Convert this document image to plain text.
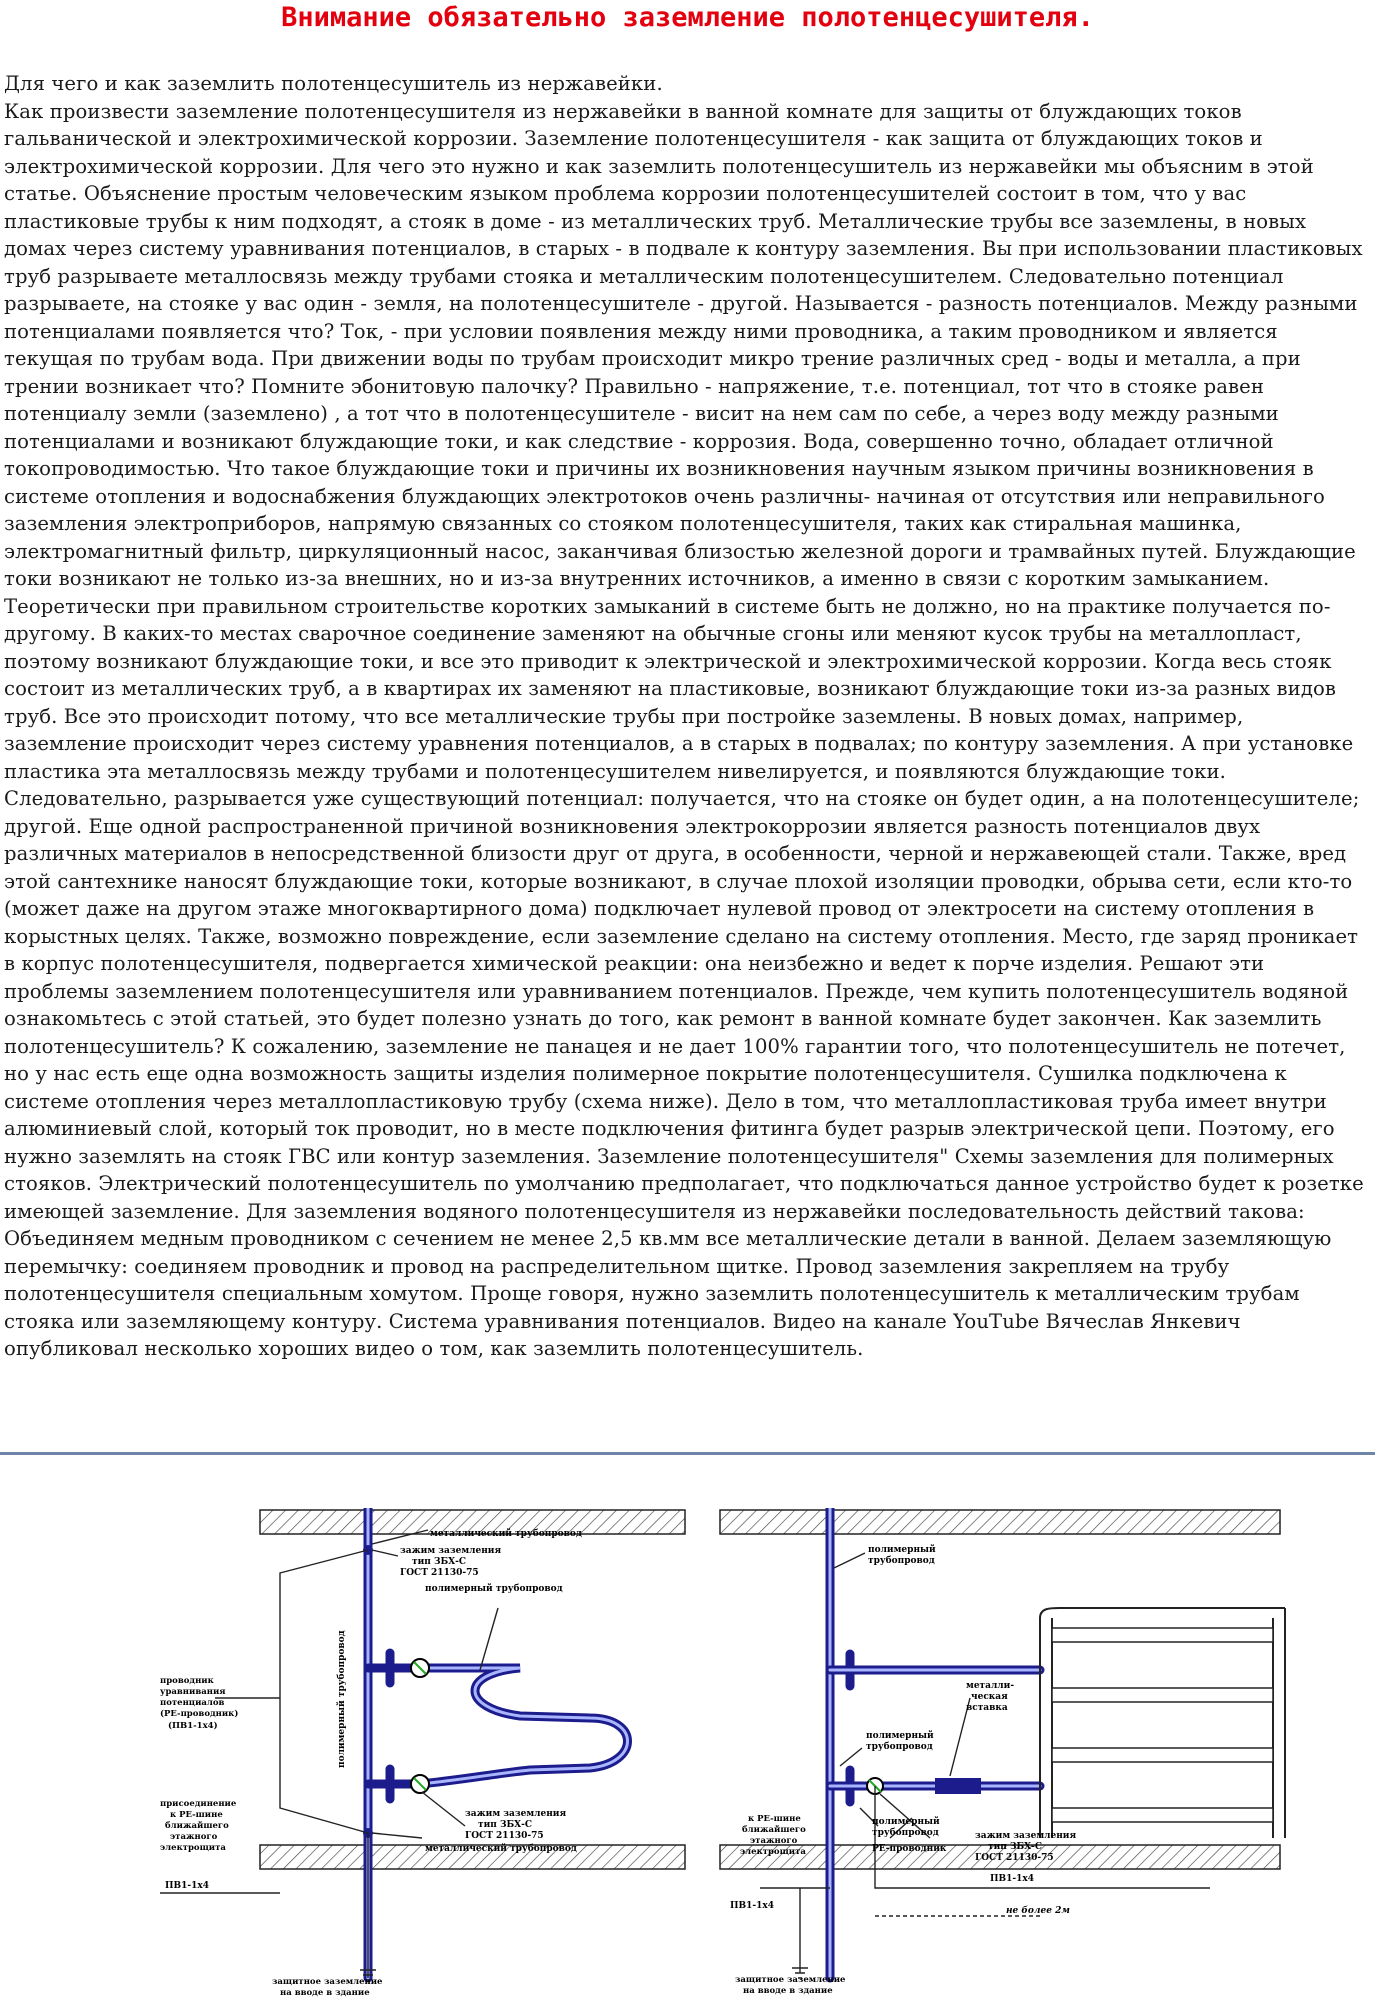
Внимание обязательно заземление полотенцесушителя.

Для чего и как заземлить полотенцесушитель из нержавейки.

Как произвести заземление полотенцесушителя из нержавейки в ванной комнате для защиты от блуждающих токов гальванической и электрохимической коррозии. Заземление полотенцесушителя - как защита от блуждающих токов и электрохимической коррозии. Для чего это нужно и как заземлить полотенцесушитель из нержавейки мы объясним в этой статье. Объяснение простым человеческим языком проблема коррозии полотенцесушителей состоит в том, что у вас пластиковые трубы к ним подходят, а стояк в доме - из металлических труб. Металлические трубы все заземлены, в новых домах через систему уравнивания потенциалов, в старых - в подвале к контуру заземления. Вы при использовании пластиковых труб разрываете металлосвязь между трубами стояка и металлическим полотенцесушителем. Следовательно потенциал разрываете, на стояке у вас один - земля, на полотенцесушителе - другой. Называется - разность потенциалов. Между разными потенциалами появляется что? Ток, - при условии появления между ними проводника, а таким проводником и является текущая по трубам вода. При движении воды по трубам происходит микро трение различных сред - воды и металла, а при трении возникает что? Помните эбонитовую палочку? Правильно - напряжение, т.е. потенциал, тот что в стояке равен потенциалу земли (заземлено) , а тот что в полотенцесушителе - висит на нем сам по себе, а через воду между разными потенциалами и возникают блуждающие токи, и как следствие - коррозия. Вода, совершенно точно, обладает отличной токопроводимостью. Что такое блуждающие токи и причины их возникновения научным языком причины возникновения в системе отопления и водоснабжения блуждающих электротоков очень различны- начиная от отсутствия или неправильного заземления электроприборов, напрямую связанных со стояком полотенцесушителя, таких как стиральная машинка, электромагнитный фильтр, циркуляционный насос, заканчивая близостью железной дороги и трамвайных путей. Блуждающие токи возникают не только из-за внешних, но и из-за внутренних источников, а именно в связи с коротким замыканием. Теоретически при правильном строительстве коротких замыканий в системе быть не должно, но на практике получается по-другому. В каких-то местах сварочное соединение заменяют на обычные сгоны или меняют кусок трубы на металлопласт, поэтому возникают блуждающие токи, и все это приводит к электрической и электрохимической коррозии. Когда весь стояк состоит из металлических труб, а в квартирах их заменяют на пластиковые, возникают блуждающие токи из-за разных видов труб. Все это происходит потому, что все металлические трубы при постройке заземлены. В новых домах, например, заземление происходит через систему уравнения потенциалов, а в старых в подвалах; по контуру заземления. А при установке пластика эта металлосвязь между трубами и полотенцесушителем нивелируется, и появляются блуждающие токи. Следовательно, разрывается уже существующий потенциал: получается, что на стояке он будет один, а на полотенцесушителе; другой. Еще одной распространенной причиной возникновения электрокоррозии является разность потенциалов двух различных материалов в непосредственной близости друг от друга, в особенности, черной и нержавеющей стали. Также, вред этой сантехнике наносят блуждающие токи, которые возникают, в случае плохой изоляции проводки, обрыва сети, если кто-то (может даже на другом этаже многоквартирного дома) подключает нулевой провод от электросети на систему отопления в корыстных целях. Также, возможно повреждение, если заземление сделано на систему отопления. Место, где заряд проникает в корпус полотенцесушителя, подвергается химической реакции: она неизбежно и ведет к порче изделия. Решают эти проблемы заземлением полотенцесушителя или уравниванием потенциалов. Прежде, чем купить полотенцесушитель водяной ознакомьтесь с этой статьей, это будет полезно узнать до того, как ремонт в ванной комнате будет закончен. Как заземлить полотенцесушитель? К сожалению, заземление не панацея и не дает 100% гарантии того, что полотенцесушитель не потечет, но у нас есть еще одна возможность защиты изделия полимерное покрытие полотенцесушителя. Сушилка подключена к системе отопления через металлопластиковую трубу (схема ниже). Дело в том, что металлопластиковая труба имеет внутри алюминиевый слой, который ток проводит, но в месте подключения фитинга будет разрыв электрической цепи. Поэтому, его нужно заземлять на стояк ГВС или контур заземления. Заземление полотенцесушителя" Схемы заземления для полимерных стояков. Электрический полотенцесушитель по умолчанию предполагает, что подключаться данное устройство будет к розетке имеющей заземление. Для заземления водяного полотенцесушителя из нержавейки последовательность действий такова: Объединяем медным проводником с сечением не менее 2,5 кв.мм все металлические детали в ванной. Делаем заземляющую перемычку: соединяем проводник и провод на распределительном щитке. Провод заземления закрепляем на трубу полотенцесушителя специальным хомутом. Проще говоря, нужно заземлить полотенцесушитель к металлическим трубам стояка или заземляющему контуру. Система уравнивания потенциалов. Видео на канале YouTube Вячеслав Янкевич опубликовал несколько хороших видео о том, как заземлить полотенцесушитель.

металлический трубопровод
зажим заземления
тип ЗБХ-С
ГОСТ 21130-75
полимерный трубопровод
полимерный трубопровод
проводник
уравнивания
потенциалов
(PE-проводник)
(ПВ1-1х4)
присоединение
к PE-шине
ближайшего
этажного
электрощита
зажим заземления
тип ЗБХ-С
ГОСТ 21130-75
металлический трубопровод
ПВ1-1х4
защитное заземление
на вводе в здание
полимерный
трубопровод
металли-
ческая
вставка
полимерный
трубопровод
к PE-шине
ближайшего
этажного
электрощита
полимерный
трубопровод
PE-проводник
зажим заземления
тип ЗБХ-С
ГОСТ 21130-75
ПВ1-1х4
ПВ1-1х4	не более 2м
защитное заземление
на вводе в здание
